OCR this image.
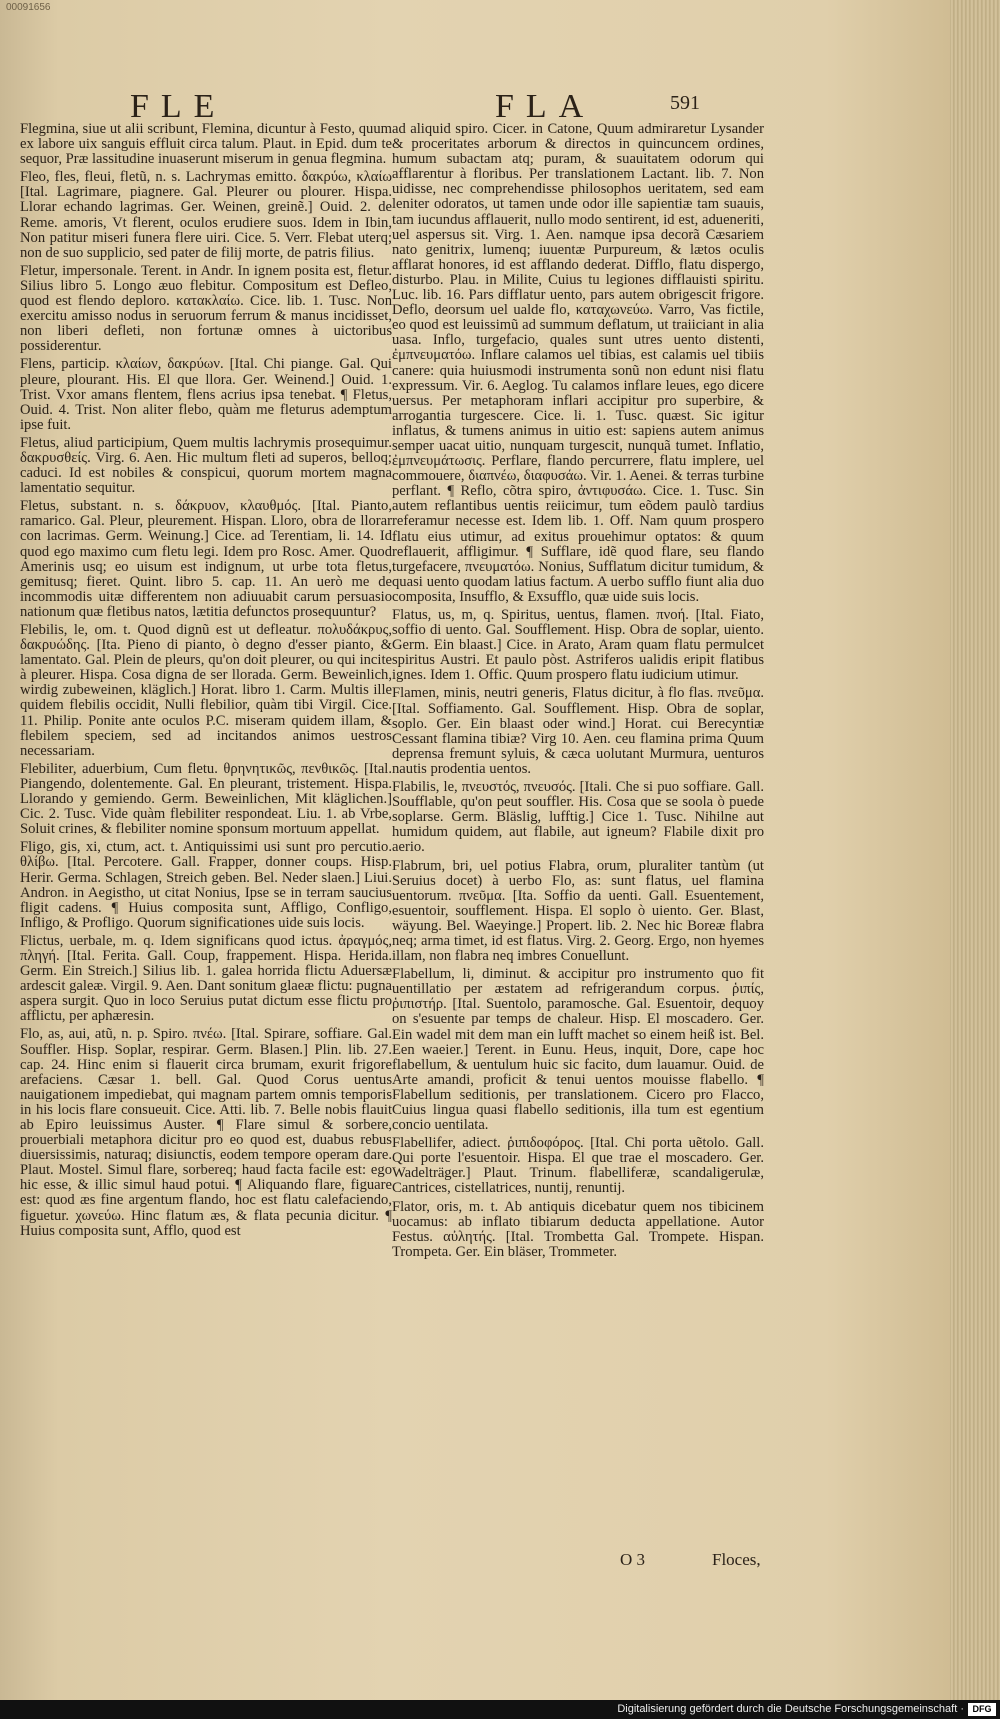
00091656
FLE	FLA	591

Flegmina, siue ut alii scribunt, Flemina, dicuntur à Festo, quum ex labore uix sanguis effluit circa talum. Plaut. in Epid. dum te sequor, Præ lassitudine inuaserunt miserum in genua flegmina.

Fleo, fles, fleui, fletũ, n. s. Lachrymas emitto. δακρύω, κλαίω [Ital. Lagrimare, piagnere. Gal. Pleurer ou plourer. Hispa. Llorar echando lagrimas. Ger. Weinen, greinẽ.] Ouid. 2. de Reme. amoris, Vt flerent, oculos erudiere suos. Idem in Ibin, Non patitur miseri funera flere uiri. Cice. 5. Verr. Flebat uterq; non de suo supplicio, sed pater de filij morte, de patris filius.

Fletur, impersonale. Terent. in Andr. In ignem posita est, fletur. Silius libro 5. Longo æuo flebitur. Compositum est Defleo, quod est flendo deploro. κατακλαίω. Cice. lib. 1. Tusc. Non exercitu amisso nodus in seruorum ferrum & manus incidisset, non liberi defleti, non fortunæ omnes à uictoribus possiderentur.

Flens, particip. κλαίων, δακρύων. [Ital. Chi piange. Gal. Qui pleure, plourant. His. El que llora. Ger. Weinend.] Ouid. 1. Trist. Vxor amans flentem, flens acrius ipsa tenebat. ¶ Fletus, Ouid. 4. Trist. Non aliter flebo, quàm me fleturus ademptum ipse fuit.

Fletus, aliud participium, Quem multis lachrymis prosequimur. δακρυσθείς. Virg. 6. Aen. Hic multum fleti ad superos, belloq; caduci. Id est nobiles & conspicui, quorum mortem magna lamentatio sequitur.

Fletus, substant. n. s. δάκρυον, κλαυθμός. [Ital. Pianto, ramarico. Gal. Pleur, pleurement. Hispan. Lloro, obra de llorar con lacrimas. Germ. Weinung.] Cice. ad Terentiam, li. 14. Id quod ego maximo cum fletu legi. Idem pro Rosc. Amer. Quod Amerinis usq; eo uisum est indignum, ut urbe tota fletus, gemitusq; fieret. Quint. libro 5. cap. 11. An uerò me de incommodis uitæ differentem non adiuuabit carum persuasio nationum quæ fletibus natos, lætitia defunctos prosequuntur?

Flebilis, le, om. t. Quod dignũ est ut defleatur. πολυδάκρυς, δακρυώδης. [Ita. Pieno di pianto, ò degno d'esser pianto, & lamentato. Gal. Plein de pleurs, qu'on doit pleurer, ou qui incite à pleurer. Hispa. Cosa digna de ser llorada. Germ. Beweinlich, wirdig zubeweinen, kläglich.] Horat. libro 1. Carm. Multis ille quidem flebilis occidit, Nulli flebilior, quàm tibi Virgil. Cice. 11. Philip. Ponite ante oculos P.C. miseram quidem illam, & flebilem speciem, sed ad incitandos animos uestros necessariam.

Flebiliter, aduerbium, Cum fletu. θρηνητικῶς, πενθικῶς. [Ital. Piangendo, dolentemente. Gal. En pleurant, tristement. Hispa. Llorando y gemiendo. Germ. Beweinlichen, Mit kläglichen.] Cic. 2. Tusc. Vide quàm flebiliter respondeat. Liu. 1. ab Vrbe, Soluit crines, & flebiliter nomine sponsum mortuum appellat.

Fligo, gis, xi, ctum, act. t. Antiquissimi usi sunt pro percutio. θλίβω. [Ital. Percotere. Gall. Frapper, donner coups. Hisp. Herir. Germa. Schlagen, Streich geben. Bel. Neder slaen.] Liui. Andron. in Aegistho, ut citat Nonius, Ipse se in terram saucius fligit cadens. ¶ Huius composita sunt, Affligo, Confligo, Infligo, & Profligo. Quorum significationes uide suis locis.

Flictus, uerbale, m. q. Idem significans quod ictus. ἀραγμός, πληγή. [Ital. Ferita. Gall. Coup, frappement. Hispa. Herida. Germ. Ein Streich.] Silius lib. 1. galea horrida flictu Aduersæ ardescit galeæ. Virgil. 9. Aen. Dant sonitum glaeæ flictu: pugna aspera surgit. Quo in loco Seruius putat dictum esse flictu pro afflictu, per aphæresin.

Flo, as, aui, atũ, n. p. Spiro. πνέω. [Ital. Spirare, soffiare. Gal. Souffler. Hisp. Soplar, respirar. Germ. Blasen.] Plin. lib. 27. cap. 24. Hinc enim si flauerit circa brumam, exurit frigore arefaciens. Cæsar 1. bell. Gal. Quod Corus uentus nauigationem impediebat, qui magnam partem omnis temporis in his locis flare consueuit. Cice. Atti. lib. 7. Belle nobis flauit ab Epiro leuissimus Auster. ¶ Flare simul & sorbere, prouerbiali metaphora dicitur pro eo quod est, duabus rebus diuersissimis, naturaq; disiunctis, eodem tempore operam dare. Plaut. Mostel. Simul flare, sorbereq; haud facta facile est: ego hic esse, & illic simul haud potui. ¶ Aliquando flare, figuare est: quod æs fine argentum flando, hoc est flatu calefaciendo, figuetur. χωνεύω. Hinc flatum æs, & flata pecunia dicitur. ¶ Huius composita sunt, Afflo, quod est

ad aliquid spiro. Cicer. in Catone, Quum admiraretur Lysander & proceritates arborum & directos in quincuncem ordines, humum subactam atq; puram, & suauitatem odorum qui afflarentur à floribus. Per translationem Lactant. lib. 7. Non uidisse, nec comprehendisse philosophos ueritatem, sed eam leniter odoratos, ut tamen unde odor ille sapientiæ tam suauis, tam iucundus afflauerit, nullo modo sentirent, id est, adueneriti, uel aspersus sit. Virg. 1. Aen. namque ipsa decorã Cæsariem nato genitrix, lumenq; iuuentæ Purpureum, & lætos oculis afflarat honores, id est afflando dederat. Difflo, flatu dispergo, disturbo. Plau. in Milite, Cuius tu legiones difflauisti spiritu. Luc. lib. 16. Pars difflatur uento, pars autem obrigescit frigore. Deflo, deorsum uel ualde flo, καταχωνεύω. Varro, Vas fictile, eo quod est leuissimũ ad summum deflatum, ut traiiciant in alia uasa. Inflo, turgefacio, quales sunt utres uento distenti, ἐμπνευματόω. Inflare calamos uel tibias, est calamis uel tibiis canere: quia huiusmodi instrumenta sonũ non edunt nisi flatu expressum. Vir. 6. Aeglog. Tu calamos inflare leues, ego dicere uersus. Per metaphoram inflari accipitur pro superbire, & arrogantia turgescere. Cice. li. 1. Tusc. quæst. Sic igitur inflatus, & tumens animus in uitio est: sapiens autem animus semper uacat uitio, nunquam turgescit, nunquã tumet. Inflatio, ἐμπνευμάτωσις. Perflare, flando percurrere, flatu implere, uel commouere, διαπνέω, διαφυσάω. Vir. 1. Aenei. & terras turbine perflant. ¶ Reflo, cõtra spiro, ἀντιφυσάω. Cice. 1. Tusc. Sin autem reflantibus uentis reiicimur, tum eõdem paulò tardius referamur necesse est. Idem lib. 1. Off. Nam quum prospero flatu eius utimur, ad exitus prouehimur optatos: & quum reflauerit, affligimur. ¶ Sufflare, idẽ quod flare, seu flando turgefacere, πνευματόω. Nonius, Sufflatum dicitur tumidum, & quasi uento quodam latius factum. A uerbo sufflo fiunt alia duo composita, Insufflo, & Exsufflo, quæ uide suis locis.

Flatus, us, m, q. Spiritus, uentus, flamen. πνοή. [Ital. Fiato, soffio di uento. Gal. Soufflement. Hisp. Obra de soplar, uiento. Germ. Ein blaast.] Cice. in Arato, Aram quam flatu permulcet spiritus Austri. Et paulo pòst. Astriferos ualidis eripit flatibus ignes. Idem 1. Offic. Quum prospero flatu iudicium utimur.

Flamen, minis, neutri generis, Flatus dicitur, à flo flas. πνεῦμα. [Ital. Soffiamento. Gal. Soufflement. Hisp. Obra de soplar, soplo. Ger. Ein blaast oder wind.] Horat. cui Berecyntiæ Cessant flamina tibiæ? Virg 10. Aen. ceu flamina prima Quum deprensa fremunt syluis, & cæca uolutant Murmura, uenturos nautis prodentia uentos.

Flabilis, le, πνευστός, πνευσός. [Itali. Che si puo soffiare. Gall. Soufflable, qu'on peut souffler. His. Cosa que se soola ò puede soplarse. Germ. Bläslig, lufftig.] Cice 1. Tusc. Nihilne aut humidum quidem, aut flabile, aut igneum? Flabile dixit pro aerio.

Flabrum, bri, uel potius Flabra, orum, pluraliter tantùm (ut Seruius docet) à uerbo Flo, as: sunt flatus, uel flamina uentorum. πνεῦμα. [Ita. Soffio da uenti. Gall. Esuentement, esuentoir, soufflement. Hispa. El soplo ò uiento. Ger. Blast, wäyung. Bel. Waeyinge.] Propert. lib. 2. Nec hic Boreæ flabra neq; arma timet, id est flatus. Virg. 2. Georg. Ergo, non hyemes illam, non flabra neq imbres Conuellunt.

Flabellum, li, diminut. & accipitur pro instrumento quo fit uentillatio per æstatem ad refrigerandum corpus. ῥιπίς, ῥιπιστήρ. [Ital. Suentolo, paramosche. Gal. Esuentoir, dequoy on s'esuente par temps de chaleur. Hisp. El moscadero. Ger. Ein wadel mit dem man ein lufft machet so einem heiß ist. Bel. Een waeier.] Terent. in Eunu. Heus, inquit, Dore, cape hoc flabellum, & uentulum huic sic facito, dum lauamur. Ouid. de Arte amandi, proficit & tenui uentos mouisse flabello. ¶ Flabellum seditionis, per translationem. Cicero pro Flacco, Cuius lingua quasi flabello seditionis, illa tum est egentium concio uentilata.

Flabellifer, adiect. ῥιπιδοφόρος. [Ital. Chi porta uẽtolo. Gall. Qui porte l'esuentoir. Hispa. El que trae el moscadero. Ger. Wadelträger.] Plaut. Trinum. flabelliferæ, scandaligerulæ, Cantrices, cistellatrices, nuntij, renuntij.

Flator, oris, m. t. Ab antiquis dicebatur quem nos tibicinem uocamus: ab inflato tibiarum deducta appellatione. Autor Festus. αὐλητής. [Ital. Trombetta Gal. Trompete. Hispan. Trompeta. Ger. Ein bläser, Trommeter.

O 3	Floces,
Digitalisierung gefördert durch die Deutsche Forschungsgemeinschaft · DFG
